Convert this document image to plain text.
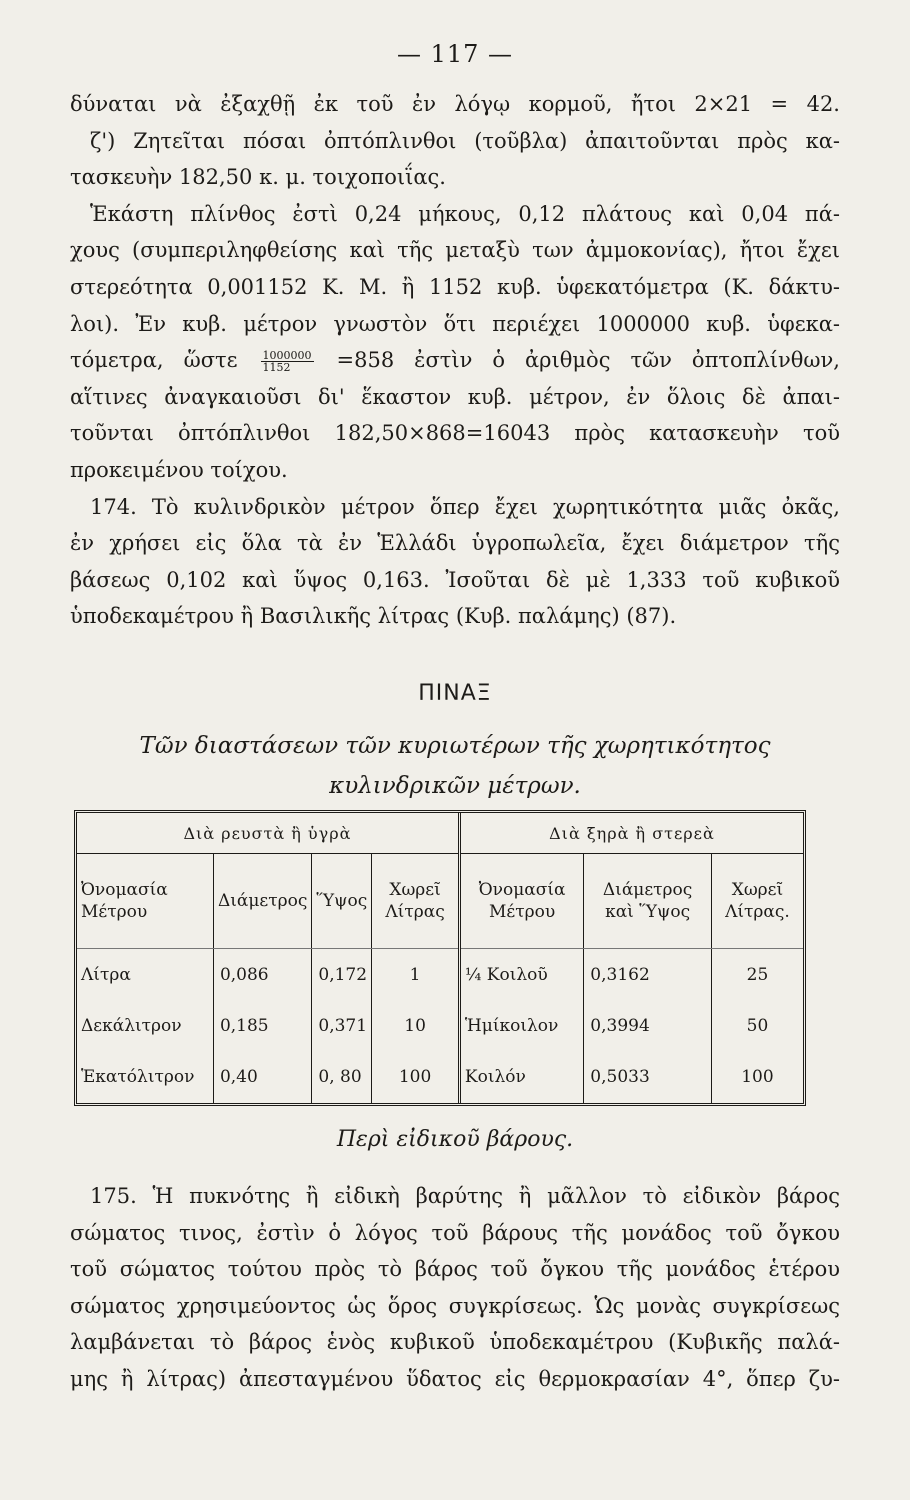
— 117 —
δύναται νὰ ἐξαχθῇ ἐκ τοῦ ἐν λόγῳ κορμοῦ, ἤτοι 2×21 = 42.
ζ') Ζητεῖται πόσαι ὀπτόπλινθοι (τοῦβλα) ἀπαιτοῦνται πρὸς κα-
τασκευὴν 182,50 κ. μ. τοιχοποιΐας.
Ἑκάστη πλίνθος ἐστὶ 0,24 μήκους, 0,12 πλάτους καὶ 0,04 πά-
χους (συμπεριληφθείσης καὶ τῆς μεταξὺ των ἀμμοκονίας), ἤτοι ἔχει
στερεότητα 0,001152 Κ. Μ. ἢ 1152 κυβ. ὑφεκατόμετρα (Κ. δάκτυ-
λοι). Ἐν κυβ. μέτρον γνωστὸν ὅτι περιέχει 1000000 κυβ. ὑφεκα-
τόμετρα, ὥστε $\frac{1000000}{1152} =858$ ἐστὶν ὁ ἀριθμὸς τῶν ὀπτοπλίνθων,
αἵτινες ἀναγκαιοῦσι δι' ἕκαστον κυβ. μέτρον, ἐν ὅλοις δὲ ἀπαι-
τοῦνται ὀπτόπλινθοι 182,50×868=16043 πρὸς κατασκευὴν τοῦ
προκειμένου τοίχου.
174. Τὸ κυλινδρικὸν μέτρον ὅπερ ἔχει χωρητικότητα μιᾶς ὀκᾶς,
ἐν χρήσει εἰς ὅλα τὰ ἐν Ἑλλάδι ὑγροπωλεῖα, ἔχει διάμετρον τῆς
βάσεως 0,102 καὶ ὕψος 0,163. Ἰσοῦται δὲ μὲ 1,333 τοῦ κυβικοῦ
ὑποδεκαμέτρου ἢ Βασιλικῆς λίτρας (Κυβ. παλάμης) (87).
ΠΙΝΑΞ
Τῶν διαστάσεων τῶν κυριωτέρων τῆς χωρητικότητος
κυλινδρικῶν μέτρων.
Διὰ ρευστὰ ἢ ὑγρὰ				Διὰ ξηρὰ ἢ στερεὰ		
Ὀνομασία Μέτρου	Διάμετρος	Ὕψος	Χωρεῖ Λίτρας	Ὀνομασία Μέτρου	Διάμετρος καὶ Ὕψος	Χωρεῖ Λίτρας.
Λίτρα	0,086	0,172	1	¼ Κοιλοῦ	0,3162	25
Δεκάλιτρον	0,185	0,371	10	Ἡμίκοιλον	0,3994	50
Ἑκατόλιτρον	0,40	0, 80	100	Κοιλόν	0,5033	100
Περὶ εἰδικοῦ βάρους.
175. Ἡ πυκνότης ἢ εἰδικὴ βαρύτης ἢ μᾶλλον τὸ εἰδικὸν βάρος
σώματος τινος, ἐστὶν ὁ λόγος τοῦ βάρους τῆς μονάδος τοῦ ὄγκου
τοῦ σώματος τούτου πρὸς τὸ βάρος τοῦ ὄγκου τῆς μονάδος ἑτέρου
σώματος χρησιμεύοντος ὡς ὅρος συγκρίσεως. Ὡς μονὰς συγκρίσεως
λαμβάνεται τὸ βάρος ἑνὸς κυβικοῦ ὑποδεκαμέτρου (Κυβικῆς παλά-
μης ἢ λίτρας) ἀπεσταγμένου ὕδατος εἰς θερμοκρασίαν 4°, ὅπερ ζυ-
